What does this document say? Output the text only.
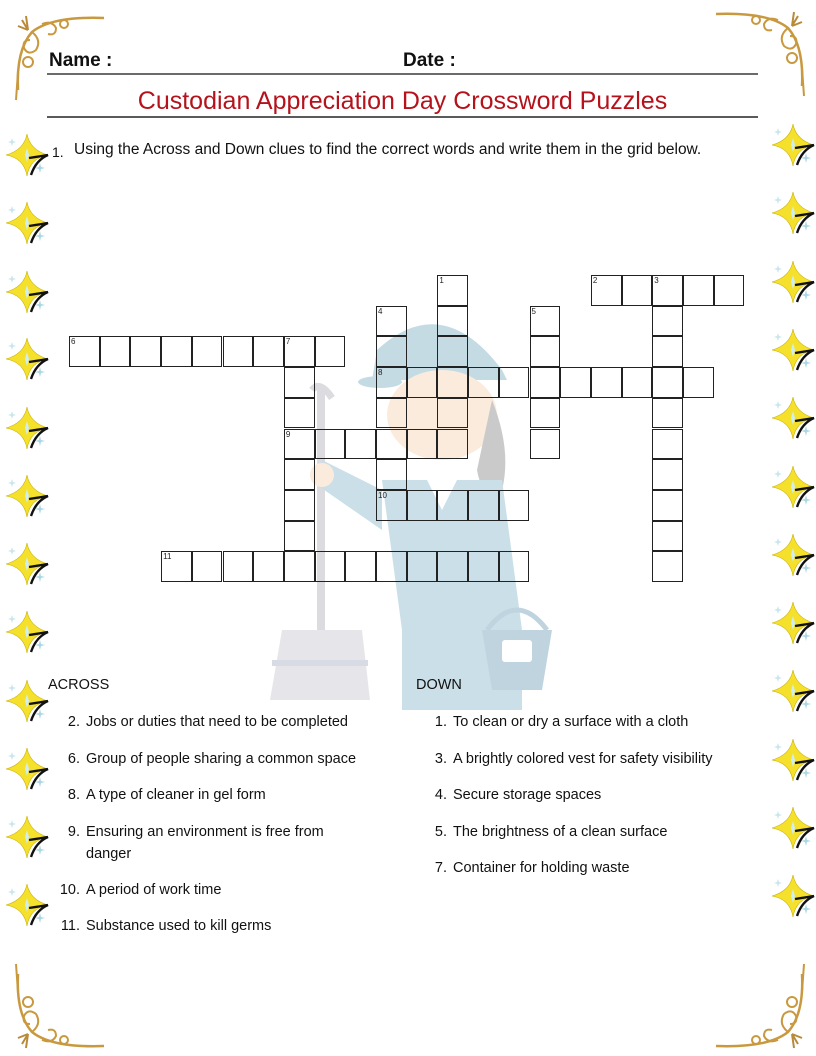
Name :	Date :
Custodian Appreciation Day Crossword Puzzles
1. Using the Across and Down clues to find the correct words and write them in the grid below.
1	2	3
4
8
10
5
6	7
9
11
ACROSS	DOWN
2. Jobs or duties that need to be completed
6. Group of people sharing a common space
8. A type of cleaner in gel form
9. Ensuring an environment is free from
danger
10. A period of work time
11. Substance used to kill germs
1. To clean or dry a surface with a cloth
3. A brightly colored vest for safety visibility
4. Secure storage spaces
5. The brightness of a clean surface
7. Container for holding waste
